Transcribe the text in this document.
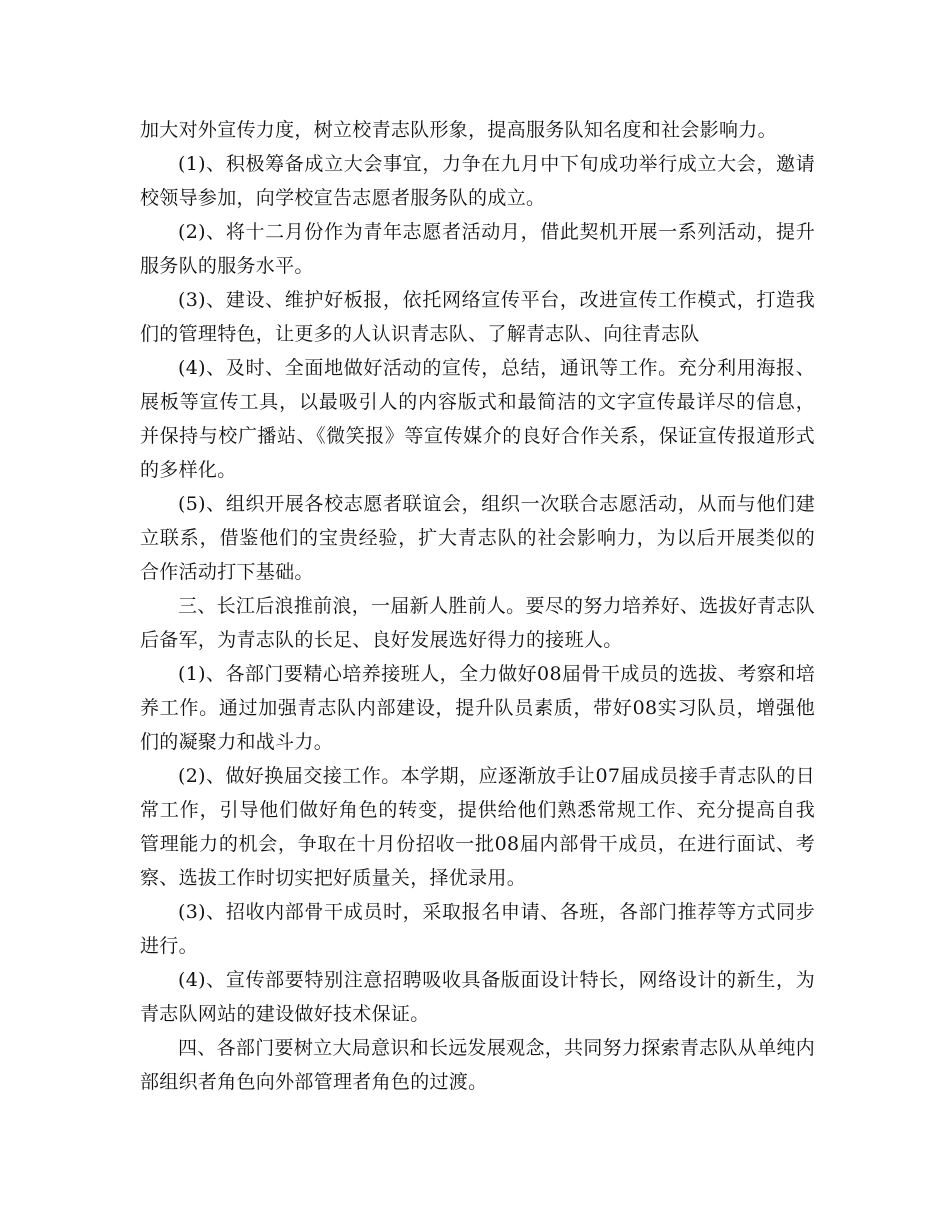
加大对外宣传力度，树立校青志队形象，提高服务队知名度和社会影响力。

(1)、积极筹备成立大会事宜，力争在九月中下旬成功举行成立大会，邀请校领导参加，向学校宣告志愿者服务队的成立。

(2)、将十二月份作为青年志愿者活动月，借此契机开展一系列活动，提升服务队的服务水平。

(3)、建设、维护好板报，依托网络宣传平台，改进宣传工作模式，打造我们的管理特色，让更多的人认识青志队、了解青志队、向往青志队

(4)、及时、全面地做好活动的宣传，总结，通讯等工作。充分利用海报、展板等宣传工具，以最吸引人的内容版式和最简洁的文字宣传最详尽的信息，并保持与校广播站、《微笑报》等宣传媒介的良好合作关系，保证宣传报道形式的多样化。

(5)、组织开展各校志愿者联谊会，组织一次联合志愿活动，从而与他们建立联系，借鉴他们的宝贵经验，扩大青志队的社会影响力，为以后开展类似的合作活动打下基础。

三、长江后浪推前浪，一届新人胜前人。要尽的努力培养好、选拔好青志队后备军，为青志队的长足、良好发展选好得力的接班人。

(1)、各部门要精心培养接班人，全力做好08届骨干成员的选拔、考察和培养工作。通过加强青志队内部建设，提升队员素质，带好08实习队员，增强他们的凝聚力和战斗力。

(2)、做好换届交接工作。本学期，应逐渐放手让07届成员接手青志队的日常工作，引导他们做好角色的转变，提供给他们熟悉常规工作、充分提高自我管理能力的机会，争取在十月份招收一批08届内部骨干成员，在进行面试、考察、选拔工作时切实把好质量关，择优录用。

(3)、招收内部骨干成员时，采取报名申请、各班，各部门推荐等方式同步进行。

(4)、宣传部要特别注意招聘吸收具备版面设计特长，网络设计的新生，为青志队网站的建设做好技术保证。

四、各部门要树立大局意识和长远发展观念，共同努力探索青志队从单纯内部组织者角色向外部管理者角色的过渡。
